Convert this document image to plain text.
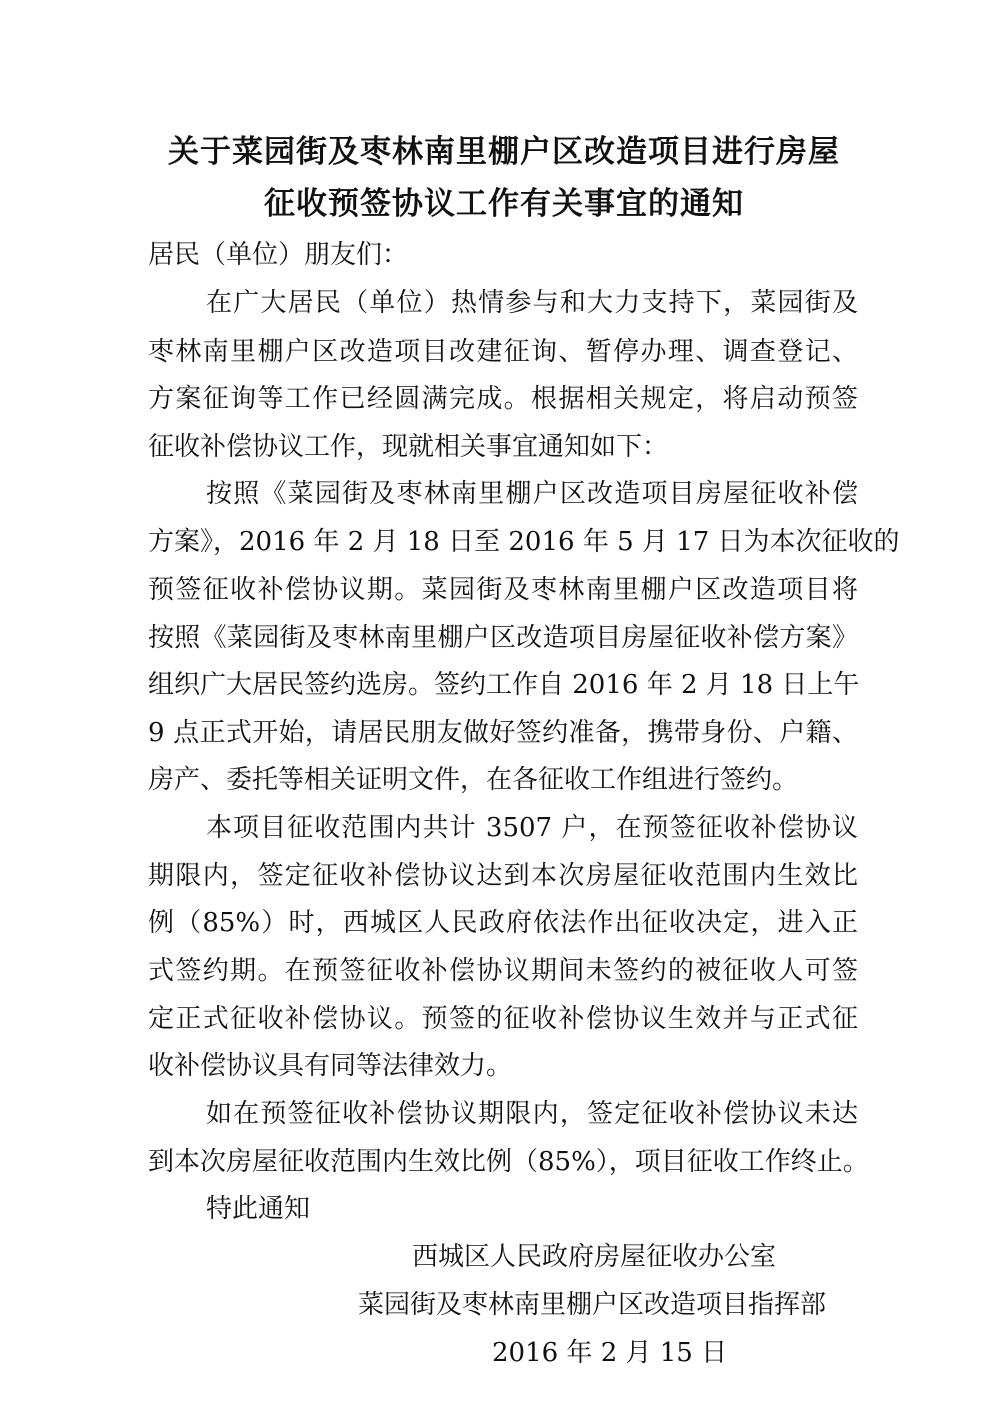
关于菜园街及枣林南里棚户区改造项目进行房屋
征收预签协议工作有关事宜的通知
居民（单位）朋友们：
在广大居民（单位）热情参与和大力支持下，菜园街及
枣林南里棚户区改造项目改建征询、暂停办理、调查登记、
方案征询等工作已经圆满完成。根据相关规定，将启动预签
征收补偿协议工作，现就相关事宜通知如下：
按照《菜园街及枣林南里棚户区改造项目房屋征收补偿
方案》，2016 年 2 月 18 日至 2016 年 5 月 17 日为本次征收的
预签征收补偿协议期。菜园街及枣林南里棚户区改造项目将
按照《菜园街及枣林南里棚户区改造项目房屋征收补偿方案》
组织广大居民签约选房。签约工作自 2016 年 2 月 18 日上午
9 点正式开始，请居民朋友做好签约准备，携带身份、户籍、
房产、委托等相关证明文件，在各征收工作组进行签约。
本项目征收范围内共计 3507 户，在预签征收补偿协议
期限内，签定征收补偿协议达到本次房屋征收范围内生效比
例（85%）时，西城区人民政府依法作出征收决定，进入正
式签约期。在预签征收补偿协议期间未签约的被征收人可签
定正式征收补偿协议。预签的征收补偿协议生效并与正式征
收补偿协议具有同等法律效力。
如在预签征收补偿协议期限内，签定征收补偿协议未达
到本次房屋征收范围内生效比例（85%），项目征收工作终止。
特此通知
西城区人民政府房屋征收办公室
菜园街及枣林南里棚户区改造项目指挥部
2016 年 2 月 15 日
